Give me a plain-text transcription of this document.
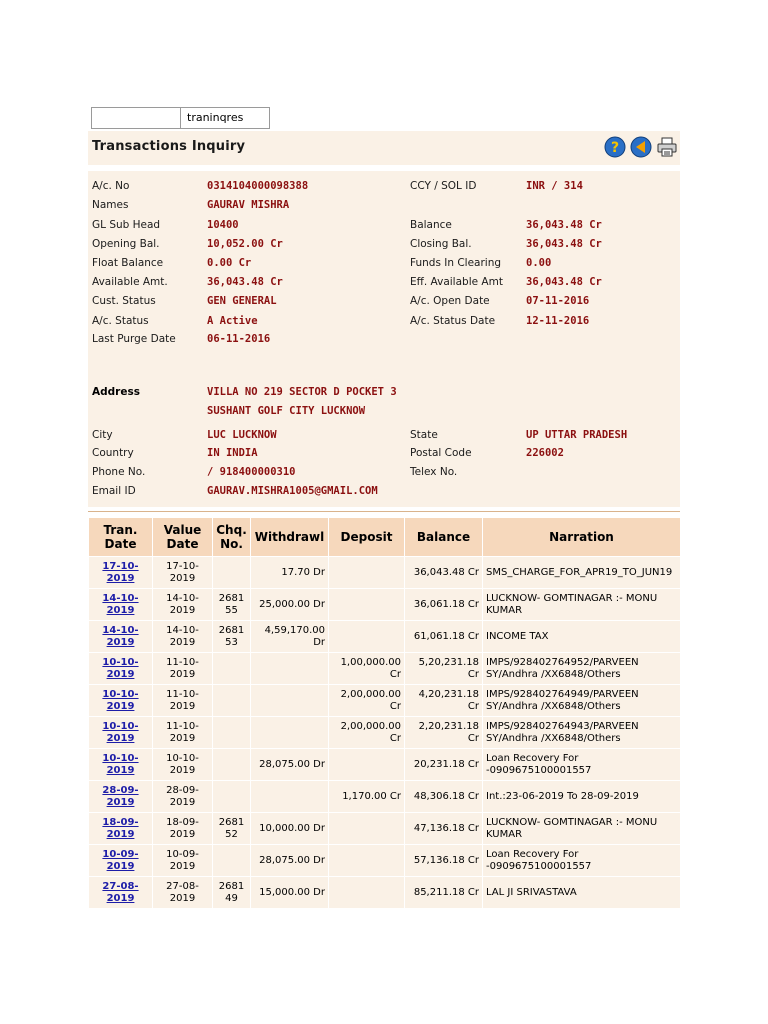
traninqres
Transactions Inquiry	?
A/c. No	0314104000098388	CCY / SOL ID	INR / 314
Names	GAURAV MISHRA
GL Sub Head	10400	Balance	36,043.48 Cr
Opening Bal.	10,052.00 Cr	Closing Bal.	36,043.48 Cr
Float Balance	0.00 Cr	Funds In Clearing 0.00
Available Amt.	36,043.48 Cr	Eff. Available Amt 36,043.48 Cr
Cust. Status	GEN GENERAL	A/c. Open Date	07-11-2016
A/c. Status	A Active	A/c. Status Date	12-11-2016
Last Purge Date	06-11-2016
Address	VILLA NO 219 SECTOR D POCKET 3
SUSHANT GOLF CITY LUCKNOW
City	LUC LUCKNOW	State	UP UTTAR PRADESH
Country	IN INDIA	Postal Code	226002
Phone No.	/ 918400000310	Telex No.
Email ID	GAURAV.MISHRA1005@GMAIL.COM
Tran. Date	Value Date	Chq. No.	Withdrawl	Deposit	Balance	Narration
17-10-2019	17-10-2019		17.70 Dr		36,043.48 Cr	SMS_CHARGE_FOR_APR19_TO_JUN19
14-10-2019	14-10-2019	268155	25,000.00 Dr		36,061.18 Cr	LUCKNOW- GOMTINAGAR :- MONU KUMAR
14-10-2019	14-10-2019	268153	4,59,170.00 Dr		61,061.18 Cr	INCOME TAX
10-10-2019	11-10-2019			1,00,000.00 Cr	5,20,231.18 Cr	IMPS/928402764952/PARVEEN SY/Andhra /XX6848/Others
10-10-2019	11-10-2019			2,00,000.00 Cr	4,20,231.18 Cr	IMPS/928402764949/PARVEEN SY/Andhra /XX6848/Others
10-10-2019	11-10-2019			2,00,000.00 Cr	2,20,231.18 Cr	IMPS/928402764943/PARVEEN SY/Andhra /XX6848/Others
10-10-2019	10-10-2019		28,075.00 Dr		20,231.18 Cr	Loan Recovery For -0909675100001557
28-09-2019	28-09-2019			1,170.00 Cr	48,306.18 Cr	Int.:23-06-2019 To 28-09-2019
18-09-2019	18-09-2019	268152	10,000.00 Dr		47,136.18 Cr	LUCKNOW- GOMTINAGAR :- MONU KUMAR
10-09-2019	10-09-2019		28,075.00 Dr		57,136.18 Cr	Loan Recovery For -0909675100001557
27-08-2019	27-08-2019	268149	15,000.00 Dr		85,211.18 Cr	LAL JI SRIVASTAVA
